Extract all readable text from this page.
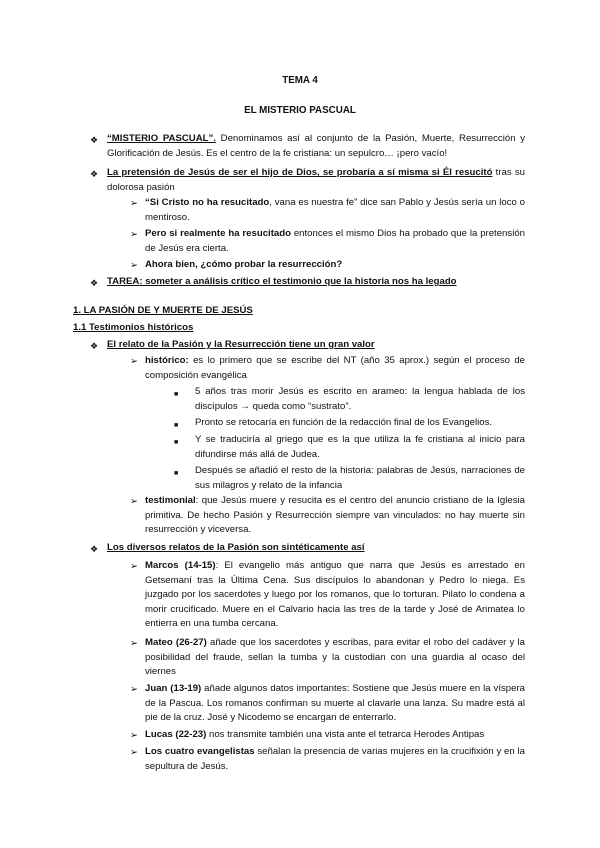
TEMA 4
EL MISTERIO PASCUAL
❖ “MISTERIO PASCUAL”. Denominamos así al conjunto de la Pasión, Muerte, Resurrección y Glorificación de Jesús. Es el centro de la fe cristiana: un sepulcro… ¡pero vacío!
❖ La pretensión de Jesús de ser el hijo de Dios, se probaría a sí misma si Él resucitó tras su dolorosa pasión
➢ “Si Cristo no ha resucitado, vana es nuestra fe” dice san Pablo y Jesús sería un loco o mentiroso.
➢ Pero si realmente ha resucitado entonces el mismo Dios ha probado que la pretensión de Jesús era cierta.
➢ Ahora bien, ¿cómo probar la resurrección?
❖ TAREA: someter a análisis crítico el testimonio que la historia nos ha legado
1. LA PASIÓN DE Y MUERTE DE JESÚS
1.1 Testimonios históricos
❖ El relato de la Pasión y la Resurrección tiene un gran valor
➢ histórico: es lo primero que se escribe del NT (año 35 aprox.) según el proceso de composición evangélica
■ 5 años tras morir Jesús es escrito en arameo: la lengua hablada de los discípulos → queda como “sustrato”.
■ Pronto se retocaría en función de la redacción final de los Evangelios.
■ Y se traduciría al griego que es la que utiliza la fe cristiana al inicio para difundirse más allá de Judea.
■ Después se añadió el resto de la historia: palabras de Jesús, narraciones de sus milagros y relato de la infancia
➢ testimonial: que Jesús muere y resucita es el centro del anuncio cristiano de la Iglesia primitiva. De hecho Pasión y Resurrección siempre van vinculados: no hay muerte sin resurrección y viceversa.
❖ Los diversos relatos de la Pasión son sintéticamente así
➢ Marcos (14-15): El evangelio más antiguo que narra que Jesús es arrestado en Getsemaní tras la Última Cena. Sus discípulos lo abandonan y Pedro lo niega. Es juzgado por los sacerdotes y luego por los romanos, que lo torturan. Pilato lo condena a morir crucificado. Muere en el Calvario hacia las tres de la tarde y José de Arimatea lo entierra en una tumba cercana.
➢ Mateo (26-27) añade que los sacerdotes y escribas, para evitar el robo del cadáver y la posibilidad del fraude, sellan la tumba y la custodian con una guardia al ocaso del viernes
➢ Juan (13-19) añade algunos datos importantes: Sostiene que Jesús muere en la víspera de la Pascua. Los romanos confirman su muerte al clavarle una lanza. Su madre está al pie de la cruz. José y Nicodemo se encargan de enterrarlo.
➢ Lucas (22-23) nos transmite también una vista ante el tetrarca Herodes Antipas
➢ Los cuatro evangelistas señalan la presencia de varias mujeres en la crucifixión y en la sepultura de Jesús.
